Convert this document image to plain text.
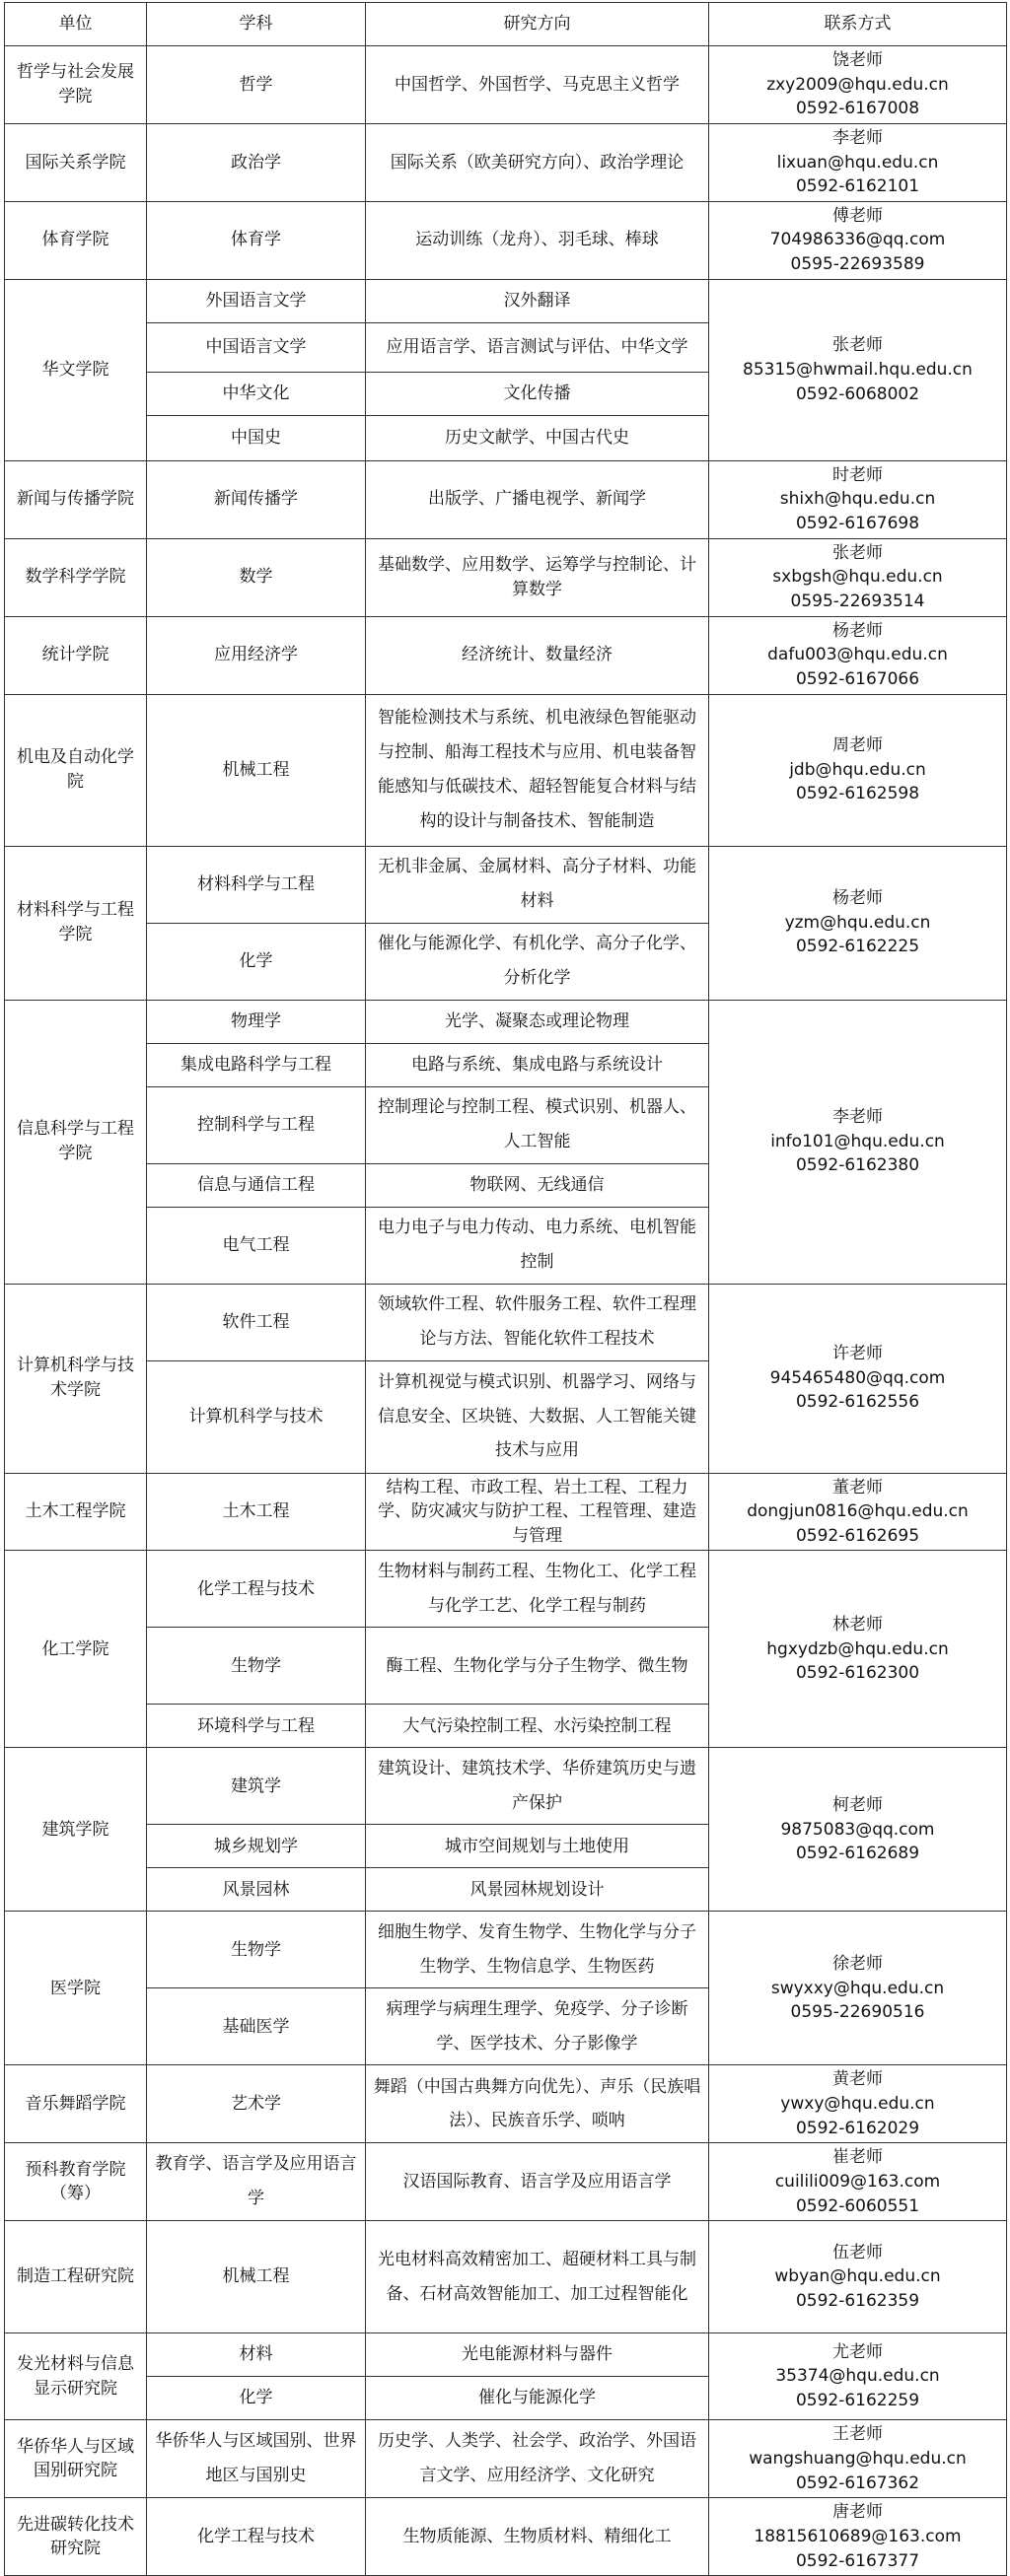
单位	学科	研究方向	联系方式
哲学与社会发展学院	哲学	中国哲学、外国哲学、马克思主义哲学	饶老师
zxy2009@hqu.edu.cn
0592-6167008

国际关系学院	政治学	国际关系（欧美研究方向）、政治学理论	李老师
lixuan@hqu.edu.cn
0592-6162101

体育学院	体育学	运动训练（龙舟）、羽毛球、棒球	傅老师
704986336@qq.com
0595-22693589

华文学院	外国语言文学	汉外翻译	张老师
85315@hwmail.hqu.edu.cn
0592-6068002

	中国语言文学	应用语言学、语言测试与评估、中华文学	
	中华文化	文化传播	
	中国史	历史文献学、中国古代史	
新闻与传播学院	新闻传播学	出版学、广播电视学、新闻学	时老师
shixh@hqu.edu.cn
0592-6167698

数学科学学院	数学	基础数学、应用数学、运筹学与控制论、计算数学	张老师
sxbgsh@hqu.edu.cn
0595-22693514

统计学院	应用经济学	经济统计、数量经济	杨老师
dafu003@hqu.edu.cn
0592-6167066

机电及自动化学院	机械工程	智能检测技术与系统、机电液绿色智能驱动与控制、船海工程技术与应用、机电装备智能感知与低碳技术、超轻智能复合材料与结构的设计与制备技术、智能制造	周老师
jdb@hqu.edu.cn
0592-6162598

材料科学与工程学院	材料科学与工程	无机非金属、金属材料、高分子材料、功能材料	杨老师
yzm@hqu.edu.cn
0592-6162225

	化学	催化与能源化学、有机化学、高分子化学、分析化学	
信息科学与工程学院	物理学	光学、凝聚态或理论物理	李老师
info101@hqu.edu.cn
0592-6162380

	集成电路科学与工程	电路与系统、集成电路与系统设计	
	控制科学与工程	控制理论与控制工程、模式识别、机器人、人工智能	
	信息与通信工程	物联网、无线通信	
	电气工程	电力电子与电力传动、电力系统、电机智能控制	
计算机科学与技术学院	软件工程	领域软件工程、软件服务工程、软件工程理论与方法、智能化软件工程技术	许老师
945465480@qq.com
0592-6162556

	计算机科学与技术	计算机视觉与模式识别、机器学习、网络与信息安全、区块链、大数据、人工智能关键技术与应用	
土木工程学院	土木工程	结构工程、市政工程、岩土工程、工程力学、防灾减灾与防护工程、工程管理、建造与管理	董老师
dongjun0816@hqu.edu.cn
0592-6162695

化工学院	化学工程与技术	生物材料与制药工程、生物化工、化学工程与化学工艺、化学工程与制药	林老师
hgxydzb@hqu.edu.cn
0592-6162300

	生物学	酶工程、生物化学与分子生物学、微生物	
	环境科学与工程	大气污染控制工程、水污染控制工程	
建筑学院	建筑学	建筑设计、建筑技术学、华侨建筑历史与遗产保护	柯老师
9875083@qq.com
0592-6162689

	城乡规划学	城市空间规划与土地使用	
	风景园林	风景园林规划设计	
医学院	生物学	细胞生物学、发育生物学、生物化学与分子生物学、生物信息学、生物医药	徐老师
swyxxy@hqu.edu.cn
0595-22690516

	基础医学	病理学与病理生理学、免疫学、分子诊断学、医学技术、分子影像学	
音乐舞蹈学院	艺术学	舞蹈（中国古典舞方向优先）、声乐（民族唱法）、民族音乐学、唢呐	黄老师
ywxy@hqu.edu.cn
0592-6162029

预科教育学院（筹）	教育学、语言学及应用语言学	汉语国际教育、语言学及应用语言学	崔老师
cuilili009@163.com
0592-6060551

制造工程研究院	机械工程	光电材料高效精密加工、超硬材料工具与制备、石材高效智能加工、加工过程智能化	伍老师
wbyan@hqu.edu.cn
0592-6162359

发光材料与信息显示研究院	材料	光电能源材料与器件	尤老师
35374@hqu.edu.cn
0592-6162259

	化学	催化与能源化学	
华侨华人与区域国别研究院	华侨华人与区域国别、世界地区与国别史	历史学、人类学、社会学、政治学、外国语言文学、应用经济学、文化研究	王老师
wangshuang@hqu.edu.cn
0592-6167362

先进碳转化技术研究院	化学工程与技术	生物质能源、生物质材料、精细化工	唐老师
18815610689@163.com
0592-6167377
